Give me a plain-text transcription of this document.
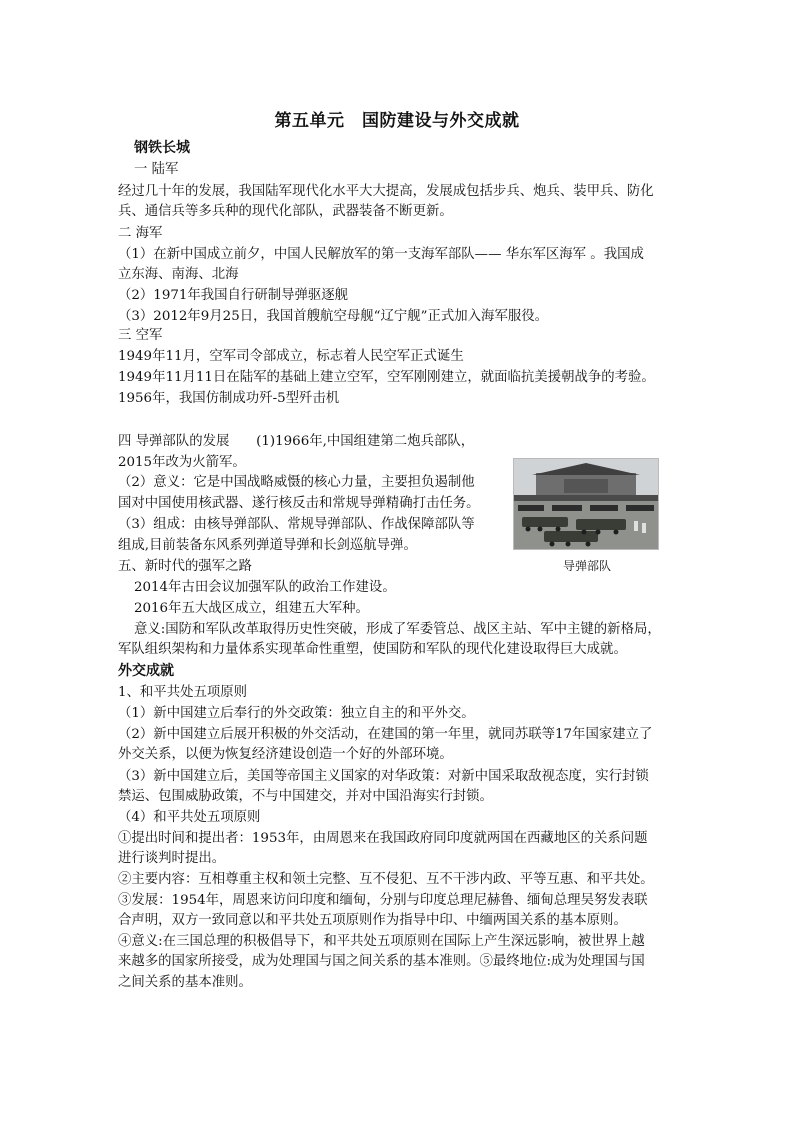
第五单元　国防建设与外交成就
钢铁长城
一 陆军
经过几十年的发展，我国陆军现代化水平大大提高，发展成包括步兵、炮兵、装甲兵、防化
兵、通信兵等多兵种的现代化部队，武器装备不断更新。
二 海军
（1）在新中国成立前夕，中国人民解放军的第一支海军部队—— 华东军区海军 。我国成
立东海、南海、北海
（2）1971年我国自行研制导弹驱逐舰
（3）2012年9月25日，我国首艘航空母舰“辽宁舰”正式加入海军服役。
三 空军
1949年11月，空军司令部成立，标志着人民空军正式诞生
1949年11月11日在陆军的基础上建立空军，空军刚刚建立，就面临抗美援朝战争的考验。
1956年，我国仿制成功歼-5型歼击机
四 导弹部队的发展　　(1)1966年,中国组建第二炮兵部队，
2015年改为火箭军。
（2）意义：它是中国战略威慑的核心力量，主要担负遏制他
国对中国使用核武器、遂行核反击和常规导弹精确打击任务。
（3）组成：由核导弹部队、常规导弹部队、作战保障部队等
组成,目前装备东风系列弹道导弹和长剑巡航导弹。
导弹部队
五、新时代的强军之路
2014年古田会议加强军队的政治工作建设。
2016年五大战区成立，组建五大军种。
意义:国防和军队改革取得历史性突破，形成了军委管总、战区主站、军中主键的新格局，
军队组织架构和力量体系实现革命性重塑，使国防和军队的现代化建设取得巨大成就。
外交成就
1、和平共处五项原则
（1）新中国建立后奉行的外交政策：独立自主的和平外交。
（2）新中国建立后展开积极的外交活动，在建国的第一年里，就同苏联等17年国家建立了
外交关系，以便为恢复经济建设创造一个好的外部环境。
（3）新中国建立后，美国等帝国主义国家的对华政策：对新中国采取敌视态度，实行封锁
禁运、包围威胁政策，不与中国建交，并对中国沿海实行封锁。
（4）和平共处五项原则
①提出时间和提出者：1953年，由周恩来在我国政府同印度就两国在西藏地区的关系问题
进行谈判时提出。
②主要内容：互相尊重主权和领土完整、互不侵犯、互不干涉内政、平等互惠、和平共处。
③发展：1954年，周恩来访问印度和缅甸，分别与印度总理尼赫鲁、缅甸总理吴努发表联
合声明，双方一致同意以和平共处五项原则作为指导中印、中缅两国关系的基本原则。
④意义:在三国总理的积极倡导下，和平共处五项原则在国际上产生深远影响，被世界上越
来越多的国家所接受，成为处理国与国之间关系的基本准则。⑤最终地位:成为处理国与国
之间关系的基本准则。
